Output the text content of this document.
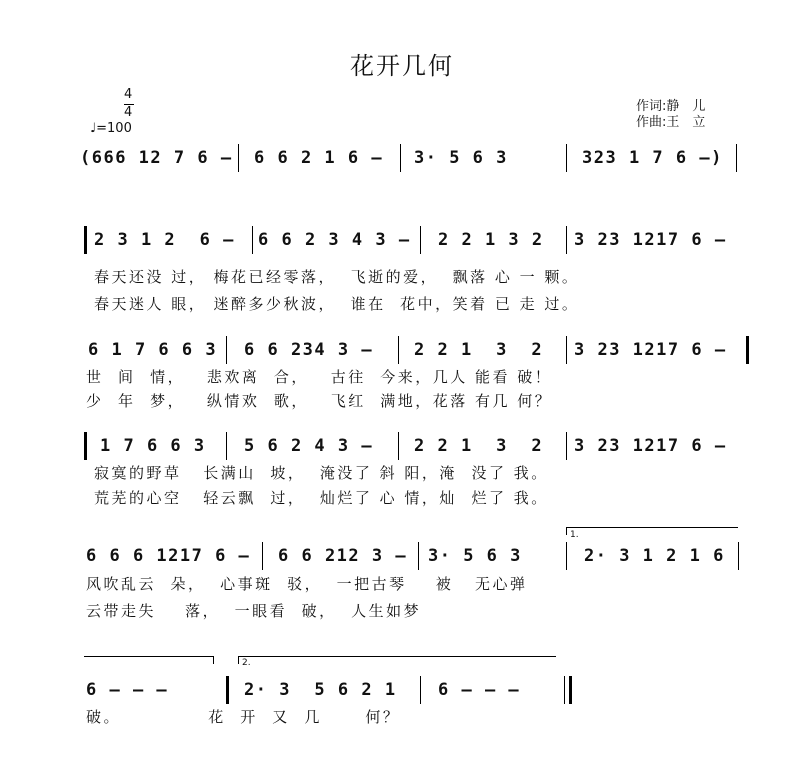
花开几何
4
4
♩=100
作词:静　儿
作曲:王　立
(666 12 7 6 – 6 6 2 1 6 – 3· 5 6 3	323 1 7 6 –)
2 3 1 2  6 – 6 6 2 3 4 3 – 2 2 1 3 2 3 23 1217 6 –
春天还没 过， 梅花已经零落，  飞逝的爱，  飘落 心 一 颗。
春天迷人 眼， 迷醉多少秋波，  谁在  花中，笑着 已 走 过。
6 1 7 6 6 3 6 6 234 3 – 2 2 1  3  2 3 23 1217 6 –
世  间  情，   悲欢离  合，   古往  今来，几人 能看 破！
少  年  梦，   纵情欢  歌，   飞红  满地，花落 有几 何？
1 7 6 6 3 5 6 2 4 3 – 2 2 1  3  2 3 23 1217 6 –
寂寞的野草   长满山  坡，  淹没了 斜 阳，淹  没了 我。
荒芜的心空   轻云飘  过，  灿烂了 心 情，灿  烂了 我。
6 6 6 1217 6 – 6 6 212 3 – 3· 5 6 3	2· 3 1 2 1 6
1.
风吹乱云  朵，  心事斑  驳，  一把古琴    被   无心弹
云带走失    落，  一眼看  破，  人生如梦
6 – – –
2.
2· 3  5 6 2 1 6 – – –
破。            花  开  又  几      何？
